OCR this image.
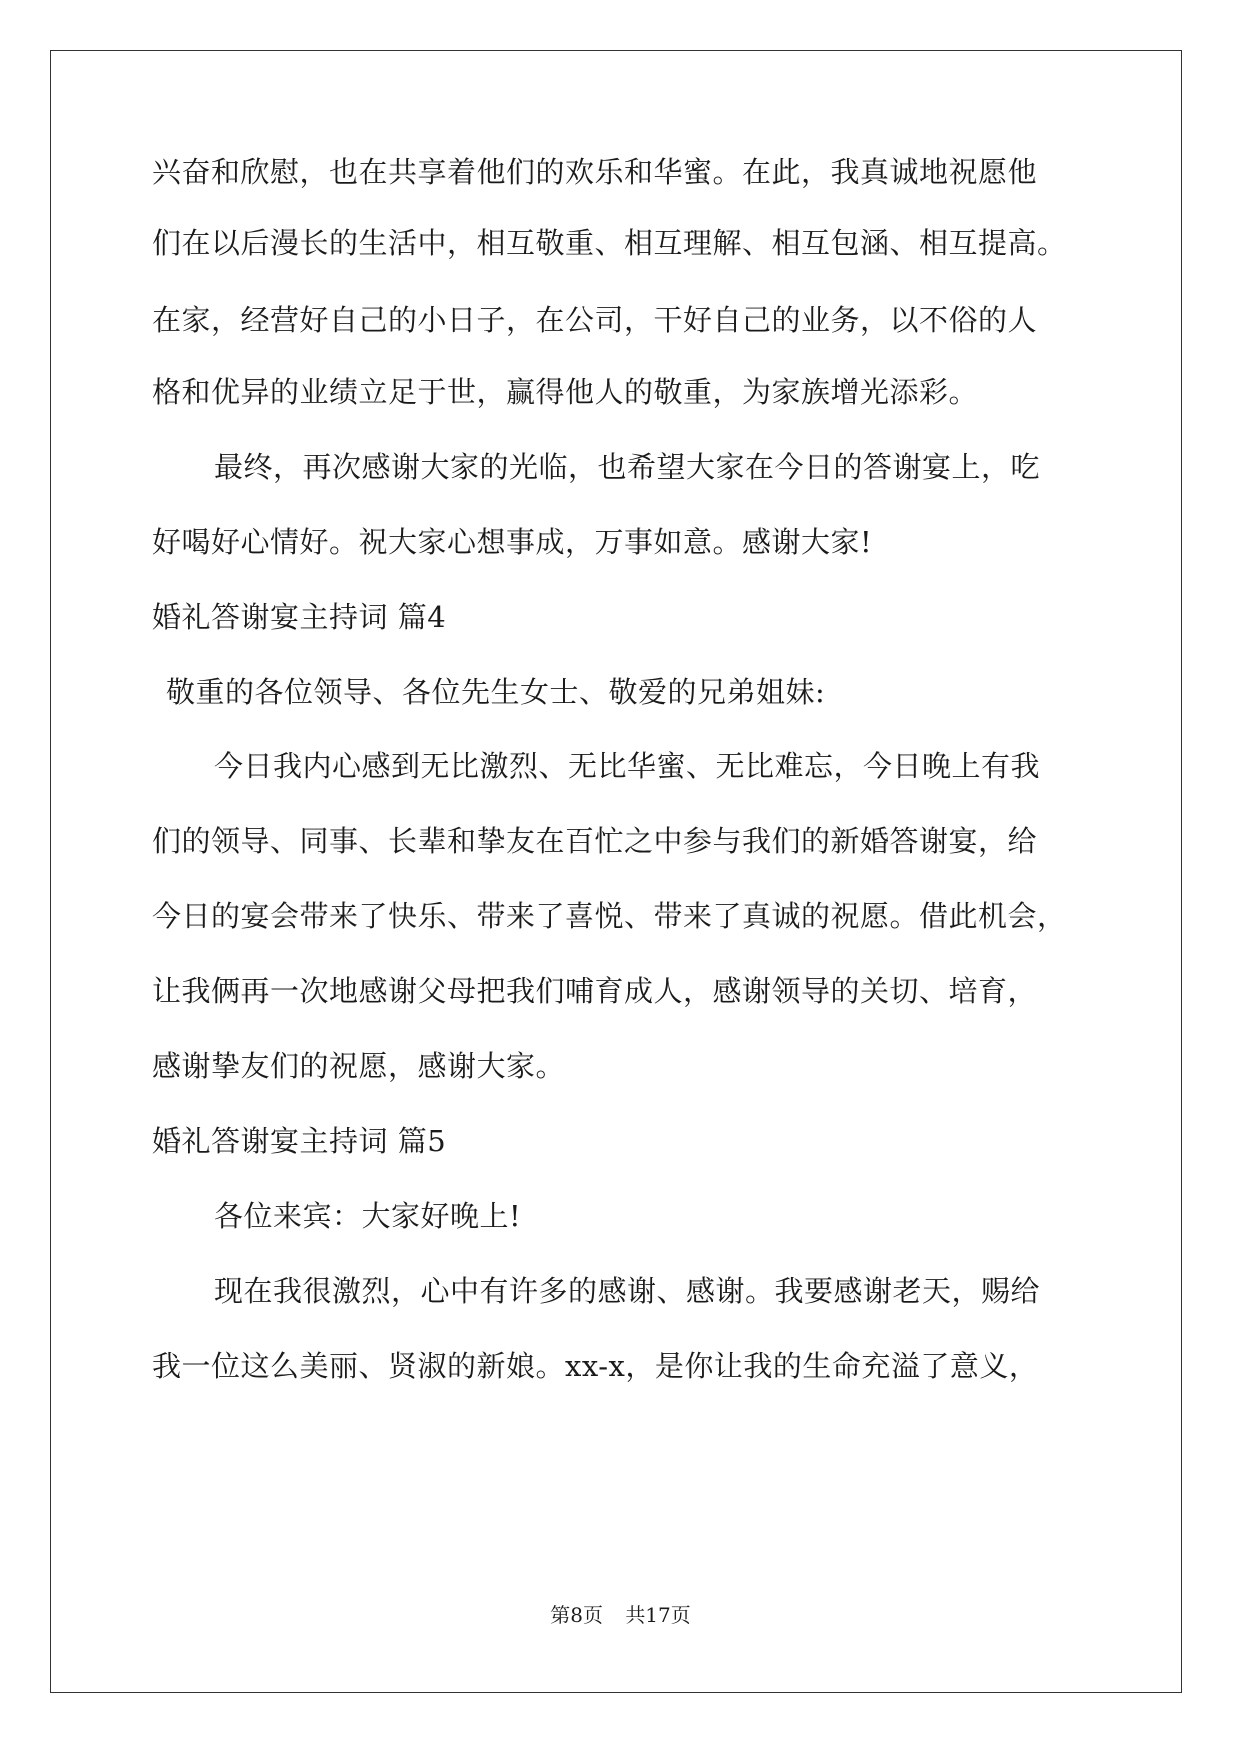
兴奋和欣慰，也在共享着他们的欢乐和华蜜。在此，我真诚地祝愿他
们在以后漫长的生活中，相互敬重、相互理解、相互包涵、相互提高。
在家，经营好自己的小日子，在公司，干好自己的业务，以不俗的人
格和优异的业绩立足于世，赢得他人的敬重，为家族增光添彩。
最终，再次感谢大家的光临，也希望大家在今日的答谢宴上，吃
好喝好心情好。祝大家心想事成，万事如意。感谢大家!
婚礼答谢宴主持词 篇4
敬重的各位领导、各位先生女士、敬爱的兄弟姐妹:
今日我内心感到无比激烈、无比华蜜、无比难忘，今日晚上有我
们的领导、同事、长辈和挚友在百忙之中参与我们的新婚答谢宴，给
今日的宴会带来了快乐、带来了喜悦、带来了真诚的祝愿。借此机会，
让我俩再一次地感谢父母把我们哺育成人，感谢领导的关切、培育，
感谢挚友们的祝愿，感谢大家。
婚礼答谢宴主持词 篇5
各位来宾：大家好晚上!
现在我很激烈，心中有许多的感谢、感谢。我要感谢老天，赐给
我一位这么美丽、贤淑的新娘。xx-x，是你让我的生命充溢了意义，
第8页 共17页
